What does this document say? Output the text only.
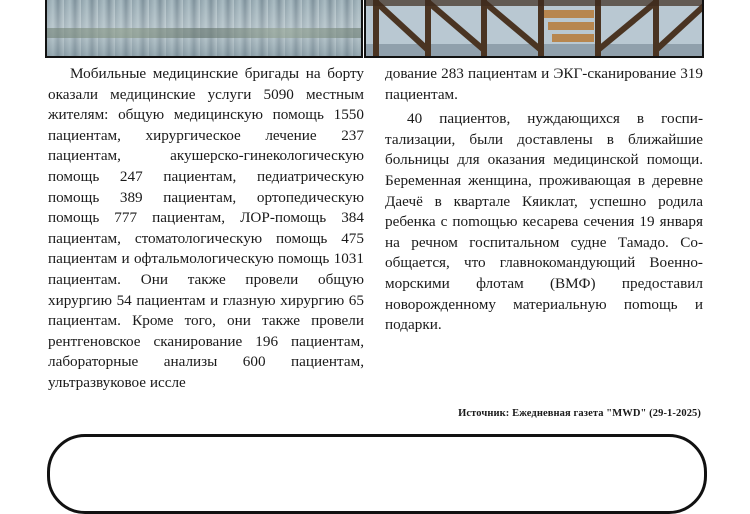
Мобильные медицинские бригады на борту оказали медицинские услуги 5090 местным жителям: общую медицинскую помощь 1550 пациентам, хирургическое лечение 237 пациентам, акушерско-гинекологическую помощь 247 пациентам, педиатрическую помощь 389 пациентам, ортопедическую помощь 777 пациентам, ЛОР-помощь 384 пациентам, стоматологическую помощь 475 пациентам и офтальмологическую помощь 1031 пациентам. Они также провели общую хирургию 54 пациентам и глазную хирургию 65 пациентам. Кроме того, они также провели рентгеновское сканирование 196 пациентам, лабораторные анализы 600 пациентам, ультразвуковое иссле

дование 283 пациентам и ЭКГ-сканирование 319 пациентам.

40 пациентов, нуждающихся в госпитализации, были доставлены в ближайшие больницы для оказания медицинской помощи. Беременная женщина, проживающая в деревне Даечё в квартале Кяиклат, успешно родила ребенка с поmощью кесарева сечения 19 января на речном госпитальном судне Тамадо. Сообщается, что главнокомандующий Военно-морскими флотам (ВМФ) предоставил новорожденному материальную поmощь и подарки.

Источник: Ежедневная газета "MWD" (29-1-2025)
